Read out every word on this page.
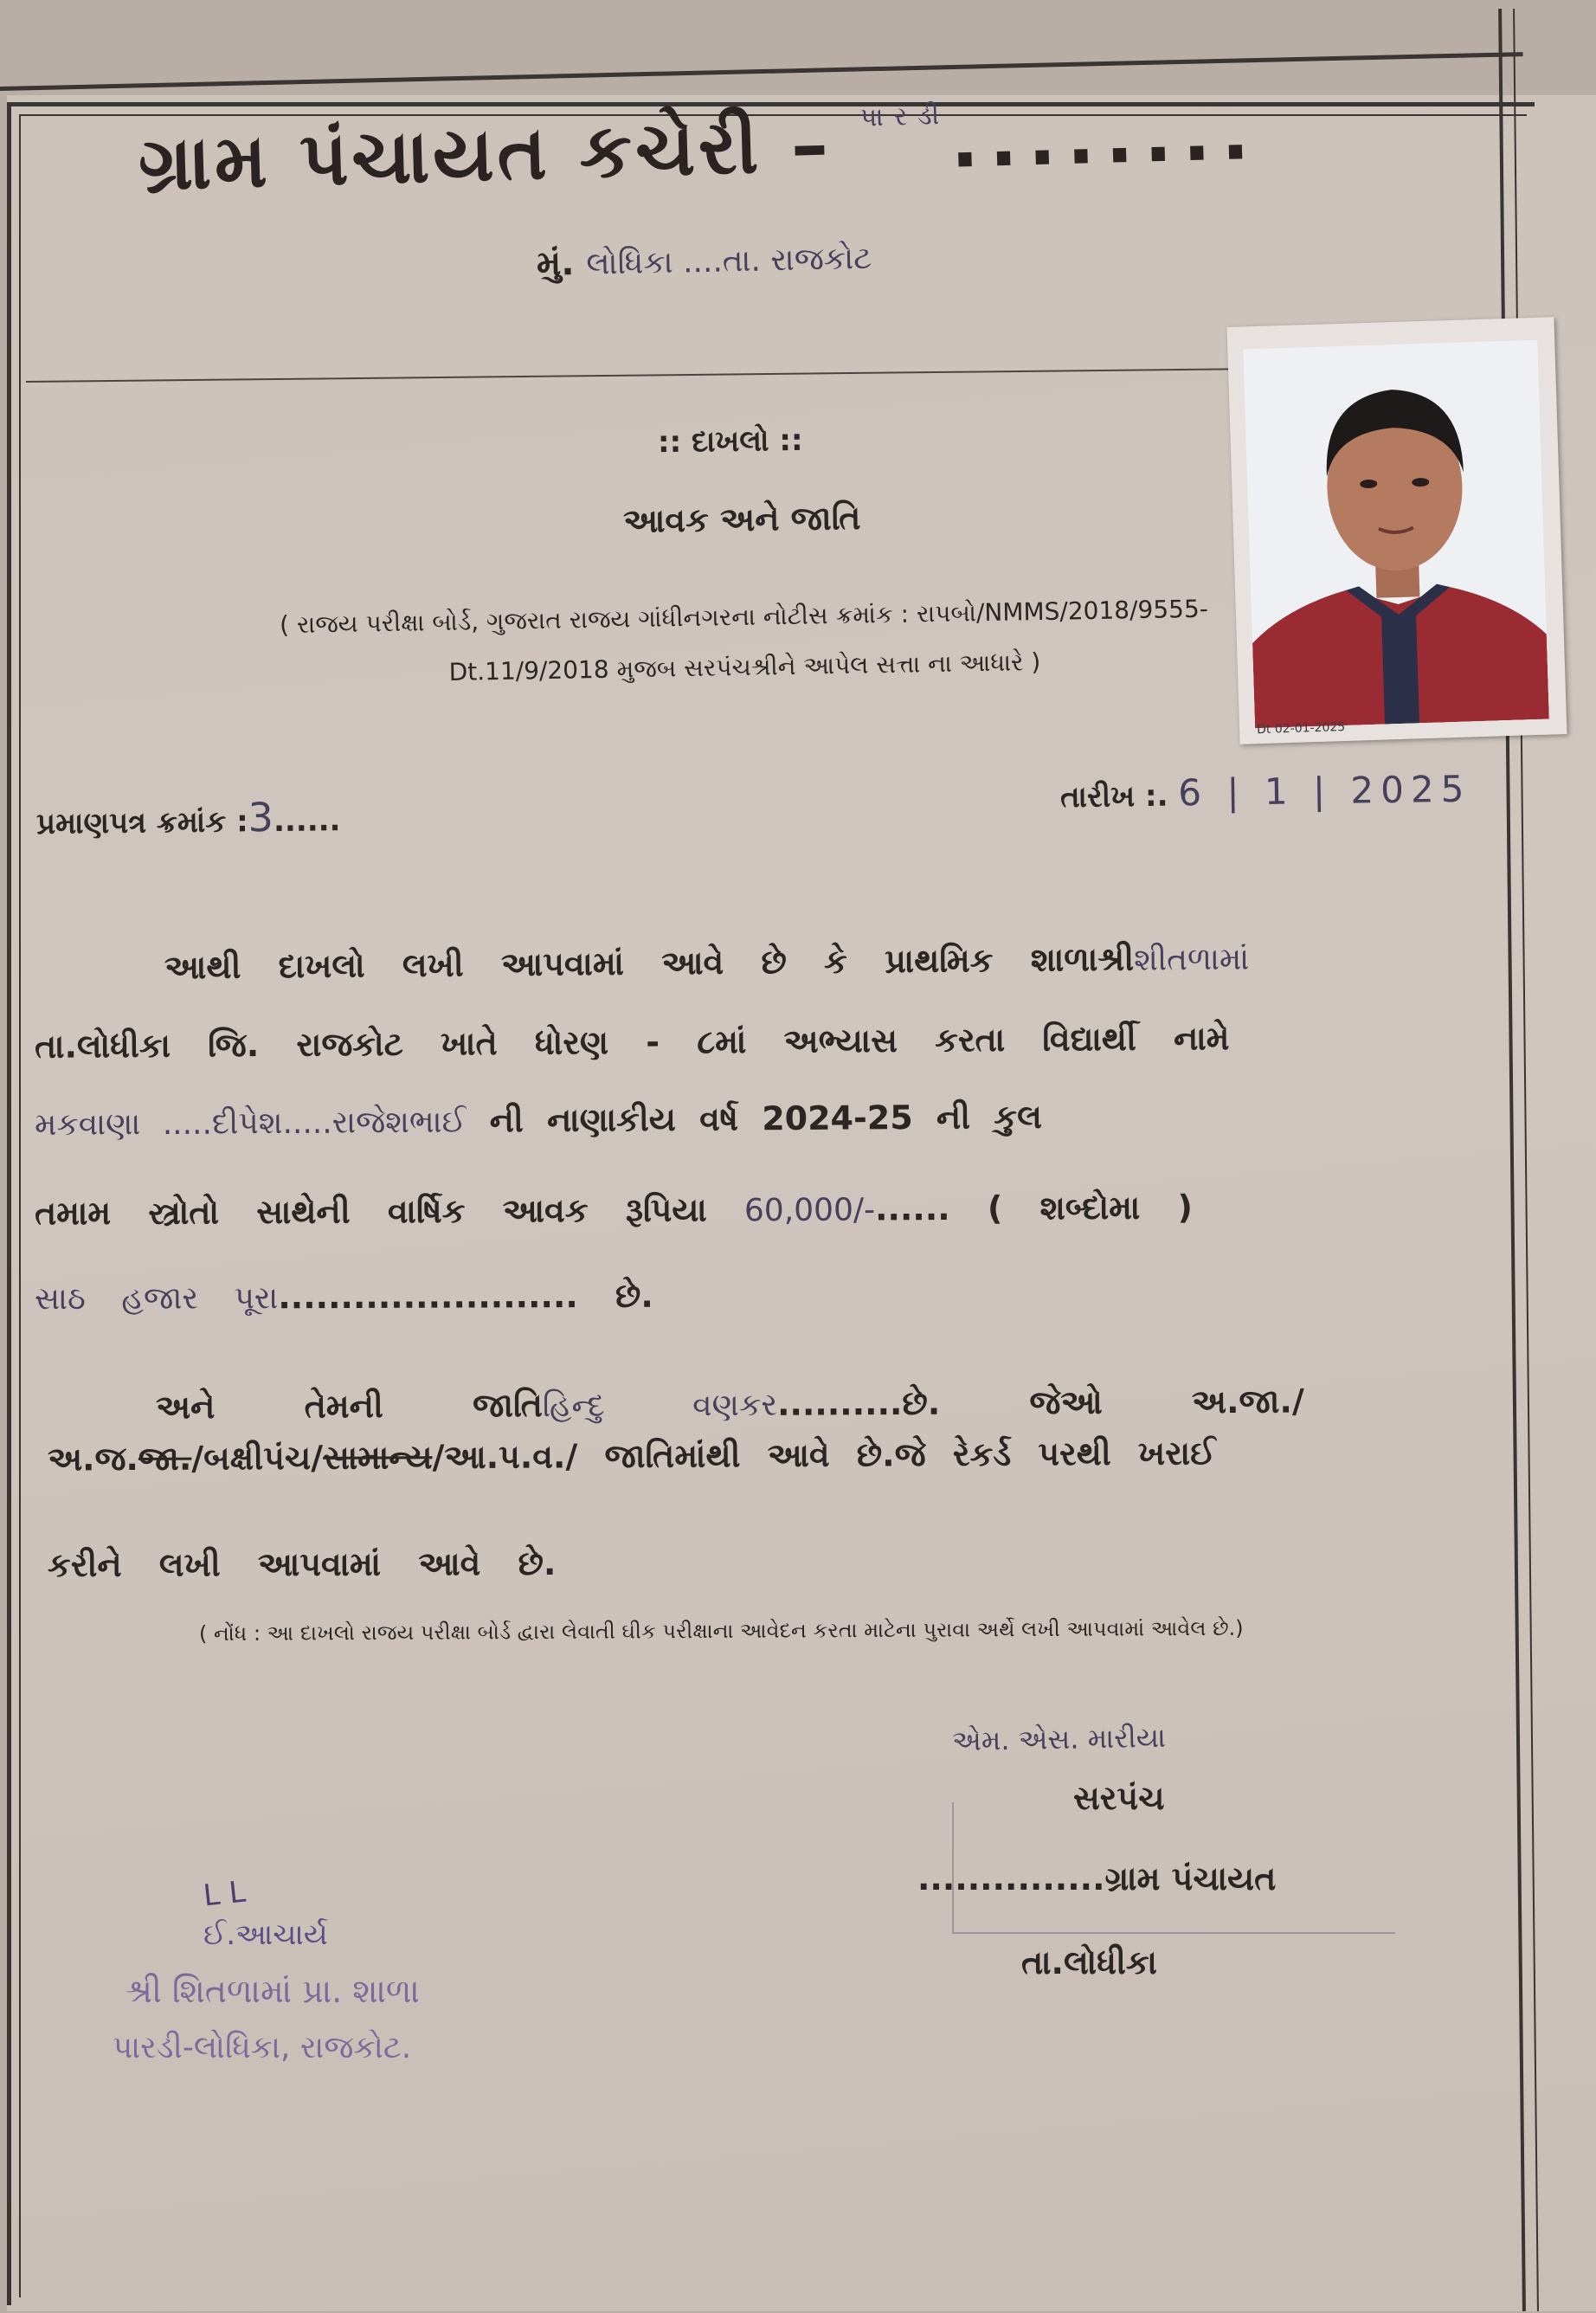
ગ્રામ પંચાયત કચેરી – $^{પારડી}$........
મું. લોધિકા ....તા. રાજકોટ
Dt 02-01-2025
:: દાખલો ::
આવક અને જાતિ
( રાજય પરીક્ષા બોર્ડ, ગુજરાત રાજય ગાંધીનગરના નોટીસ ક્રમાંક : રાપબો/NMMS/2018/9555-
Dt.11/9/2018 મુજબ સરપંચશ્રીને આપેલ સત્તા ના આધારે )
પ્રમાણપત્ર ક્રમાંક :3......
તારીખ :. 6 | 1 | 2025
આથી દાખલો લખી આપવામાં આવે છે કે પ્રાથમિક શાળાશ્રીશીતળામાં
તા.લોધીકા જિ. રાજકોટ ખાતે ધોરણ - ૮માં અભ્યાસ કરતા વિદ્યાર્થી નામે
મકવાણા .....દીપેશ.....રાજેશભાઈ ની નાણાકીય વર્ષ 2024-25 ની કુલ
તમામ સ્ત્રોતો સાથેની વાર્ષિક આવક રૂપિયા 60,000/-...... ( શબ્દોમા )
સાઠ હજાર પૂરા........................ છે.
અને	તેમની	જાતિહિન્દુ વણકર..........છે.	જેઓ	અ.જા./
અ.જ.જા./બક્ષીપંચ/સામાન્ય/આ.પ.વ./ જાતિમાંથી આવે છે.જે રેકર્ડ પરથી ખરાઈ
કરીને લખી આપવામાં આવે છે.
( નોંધ : આ દાખલો રાજય પરીક્ષા બોર્ડ દ્વારા લેવાતી ઘીક પરીક્ષાના આવેદન કરતા માટેના પુરાવા અર્થે લખી આપવામાં આવેલ છે.)
એમ. એસ. મારીયા
સરપંચ
...............ગ્રામ પંચાયત
તા.લોધીકા
L L
ઈ.આચાર્ય
શ્રી શિતળામાં પ્રા. શાળા
પારડી-લોધિકા, રાજકોટ.
